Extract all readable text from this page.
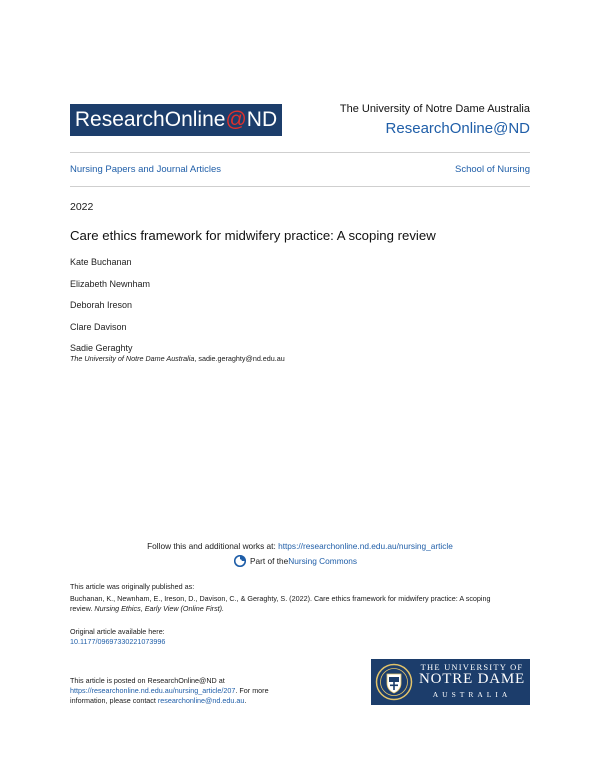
ResearchOnline@ND	The University of Notre Dame Australia
ResearchOnline@ND
Nursing Papers and Journal Articles	School of Nursing
2022
Care ethics framework for midwifery practice: A scoping review
Kate Buchanan
Elizabeth Newnham
Deborah Ireson
Clare Davison
Sadie Geraghty
The University of Notre Dame Australia, sadie.geraghty@nd.edu.au
Follow this and additional works at: https://researchonline.nd.edu.au/nursing_article
Part of the Nursing Commons
This article was originally published as:
Buchanan, K., Newnham, E., Ireson, D., Davison, C., & Geraghty, S. (2022). Care ethics framework for midwifery practice: A scoping
review. Nursing Ethics, Early View (Online First).
Original article available here:
10.1177/09697330221073996
This article is posted on ResearchOnline@ND at
https://researchonline.nd.edu.au/nursing_article/207. For more
information, please contact researchonline@nd.edu.au.
THE UNIVERSITY OF
NOTRE DAME
AUSTRALIA
